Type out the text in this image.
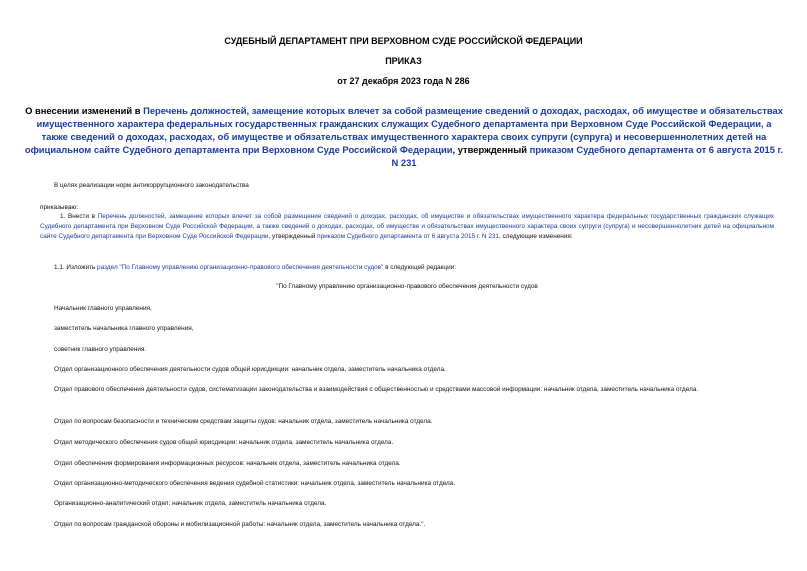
СУДЕБНЫЙ ДЕПАРТАМЕНТ ПРИ ВЕРХОВНОМ СУДЕ РОССИЙСКОЙ ФЕДЕРАЦИИ
ПРИКАЗ
от 27 декабря 2023 года N 286
О внесении изменений в Перечень должностей, замещение которых влечет за собой размещение сведений о доходах, расходах, об имуществе и обязательствах имущественного характера федеральных государственных гражданских служащих Судебного департамента при Верховном Суде Российской Федерации, а также сведений о доходах, расходах, об имуществе и обязательствах имущественного характера своих супруги (супруга) и несовершеннолетних детей на официальном сайте Судебного департамента при Верховном Суде Российской Федерации, утвержденный приказом Судебного департамента от 6 августа 2015 г. N 231
В целях реализации норм антикоррупционного законодательства
приказываю:
1. Внести в Перечень должностей, замещение которых влечет за собой размещение сведений о доходах, расходах, об имуществе и обязательствах имущественного характера федеральных государственных гражданских служащих Судебного департамента при Верховном Суде Российской Федерации, а также сведений о доходах, расходах, об имуществе и обязательствах имущественного характера своих супруги (супруга) и несовершеннолетних детей на официальном сайте Судебного департамента при Верховном Суде Российской Федерации, утвержденный приказом Судебного департамента от 6 августа 2015 г. N 231, следующие изменения:
1.1. Изложить раздел "По Главному управлению организационно-правового обеспечения деятельности судов" в следующей редакции:
"По Главному управлению организационно-правового обеспечения деятельности судов
Начальник главного управления,
заместитель начальника главного управления,
советник главного управления.
Отдел организационного обеспечения деятельности судов общей юрисдикции: начальник отдела, заместитель начальника отдела.
Отдел правового обеспечения деятельности судов, систематизации законодательства и взаимодействия с общественностью и средствами массовой информации: начальник отдела, заместитель начальника отдела.
Отдел по вопросам безопасности и техническим средствам защиты судов: начальник отдела, заместитель начальника отдела.
Отдел методического обеспечения судов общей юрисдикции: начальник отдела, заместитель начальника отдела.
Отдел обеспечения формирования информационных ресурсов: начальник отдела, заместитель начальника отдела.
Отдел организационно-методического обеспечения ведения судебной статистики: начальник отдела, заместитель начальника отдела.
Организационно-аналитический отдел: начальник отдела, заместитель начальника отдела.
Отдел по вопросам гражданской обороны и мобилизационной работы: начальник отдела, заместитель начальника отдела.".
